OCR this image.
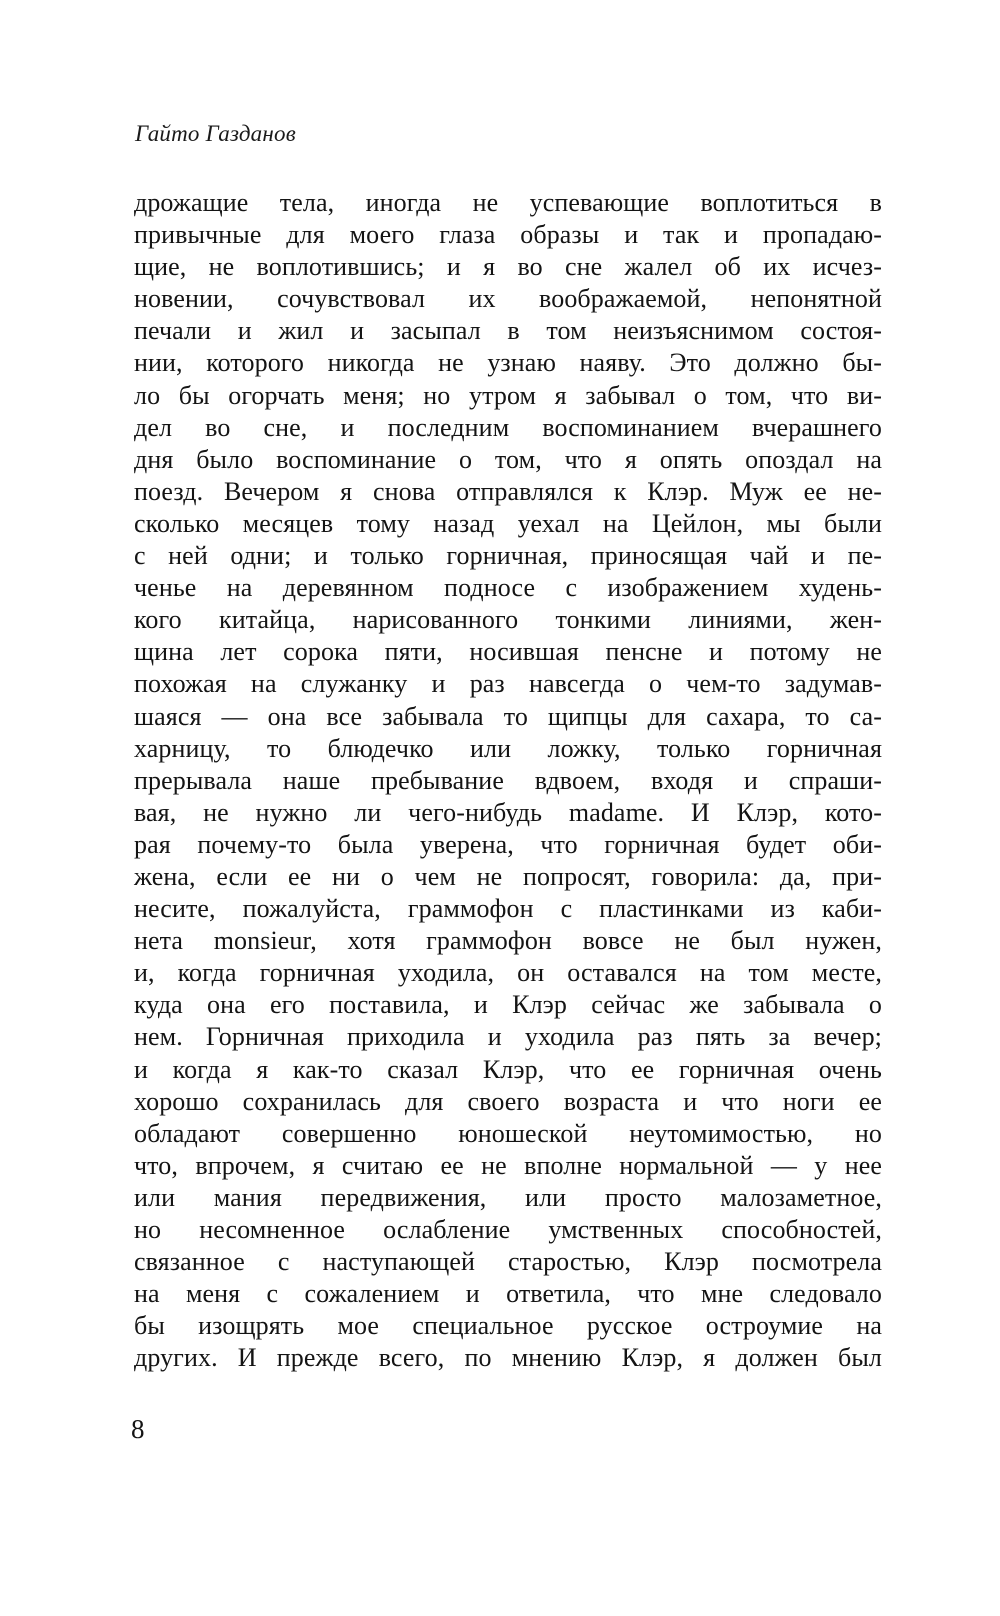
Гайто Газданов
дрожащие тела, иногда не успевающие воплотиться в
привычные для моего глаза образы и так и пропадаю-
щие, не воплотившись; и я во сне жалел об их исчез-
новении, сочувствовал их воображаемой, непонятной
печали и жил и засыпал в том неизъяснимом состоя-
нии, которого никогда не узнаю наяву. Это должно бы-
ло бы огорчать меня; но утром я забывал о том, что ви-
дел во сне, и последним воспоминанием вчерашнего
дня было воспоминание о том, что я опять опоздал на
поезд. Вечером я снова отправлялся к Клэр. Муж ее не-
сколько месяцев тому назад уехал на Цейлон, мы были
с ней одни; и только горничная, приносящая чай и пе-
ченье на деревянном подносе с изображением худень-
кого китайца, нарисованного тонкими линиями, жен-
щина лет сорока пяти, носившая пенсне и потому не
похожая на служанку и раз навсегда о чем-то задумав-
шаяся — она все забывала то щипцы для сахара, то са-
харницу, то блюдечко или ложку, только горничная
прерывала наше пребывание вдвоем, входя и спраши-
вая, не нужно ли чего-нибудь madame. И Клэр, кото-
рая почему-то была уверена, что горничная будет оби-
жена, если ее ни о чем не попросят, говорила: да, при-
несите, пожалуйста, граммофон с пластинками из каби-
нета monsieur, хотя граммофон вовсе не был нужен,
и, когда горничная уходила, он оставался на том месте,
куда она его поставила, и Клэр сейчас же забывала о
нем. Горничная приходила и уходила раз пять за вечер;
и когда я как-то сказал Клэр, что ее горничная очень
хорошо сохранилась для своего возраста и что ноги ее
обладают совершенно юношеской неутомимостью, но
что, впрочем, я считаю ее не вполне нормальной — у нее
или мания передвижения, или просто малозаметное,
но несомненное ослабление умственных способностей,
связанное с наступающей старостью, Клэр посмотрела
на меня с сожалением и ответила, что мне следовало
бы изощрять мое специальное русское остроумие на
других. И прежде всего, по мнению Клэр, я должен был
8
